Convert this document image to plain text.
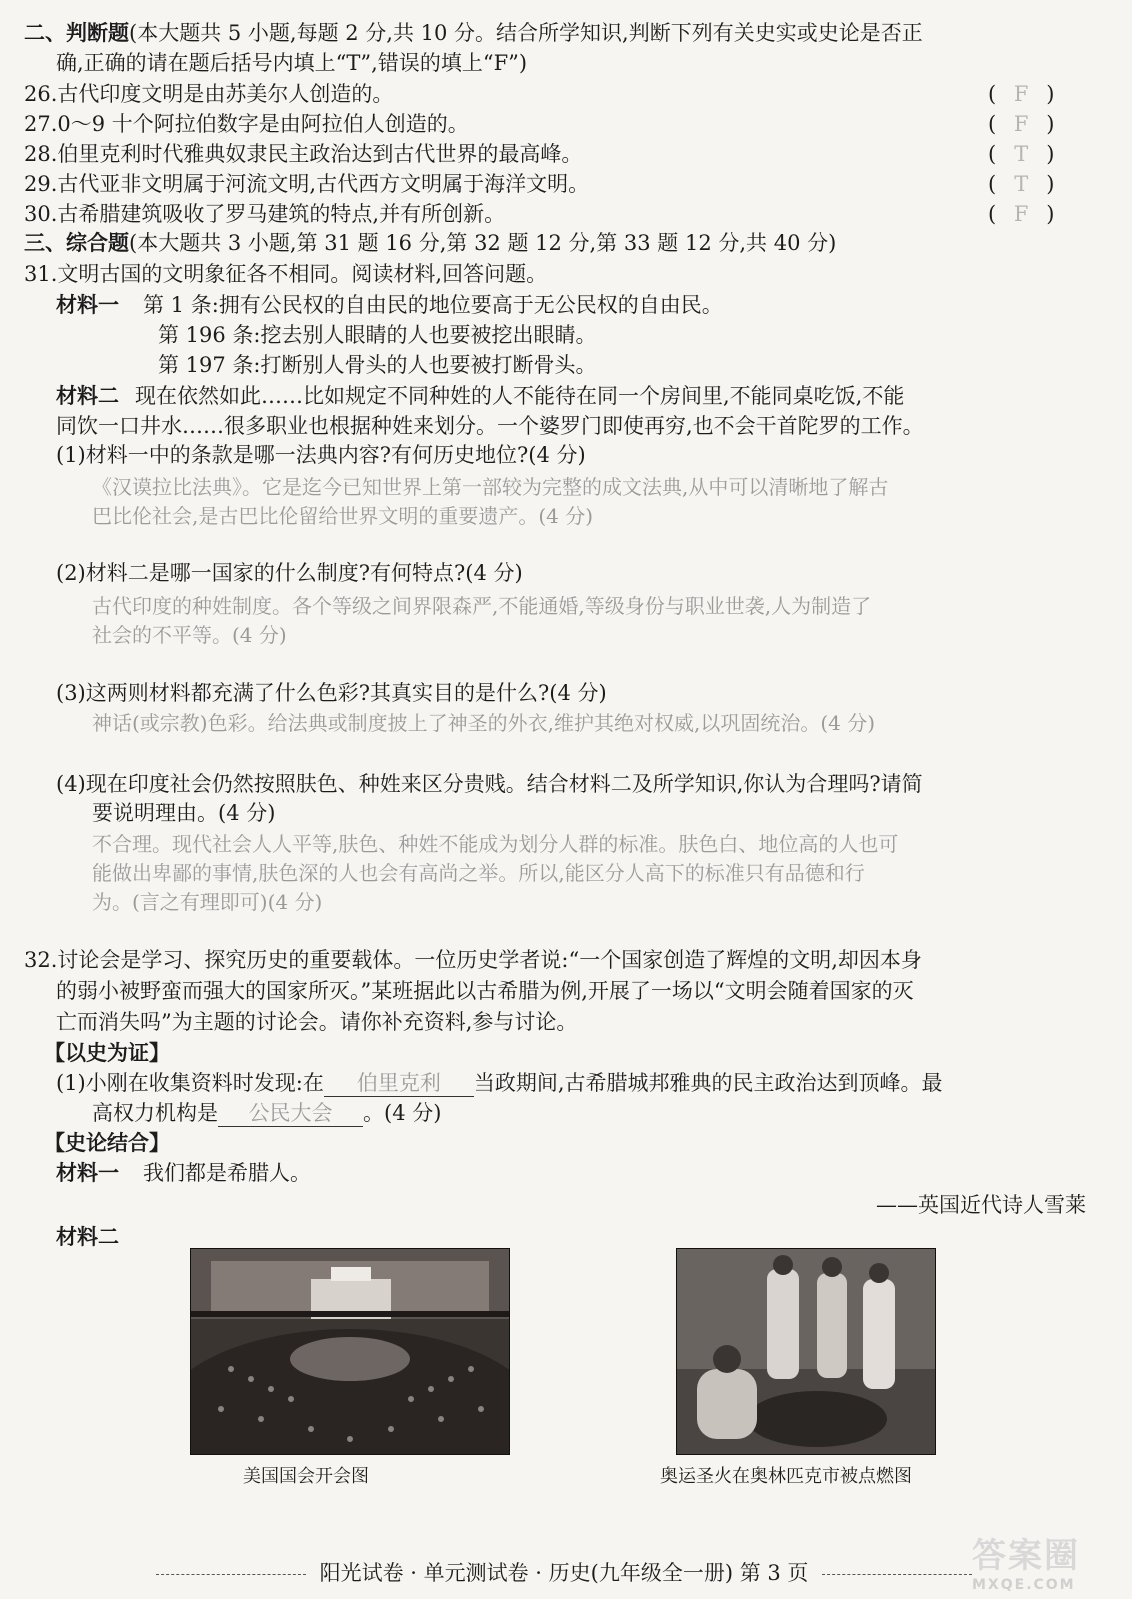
二、判断题(本大题共 5 小题,每题 2 分,共 10 分。结合所学知识,判断下列有关史实或史论是否正
确,正确的请在题后括号内填上“T”,错误的填上“F”)
26.古代印度文明是由苏美尔人创造的。	( F )
27.0～9 十个阿拉伯数字是由阿拉伯人创造的。	( F )
28.伯里克利时代雅典奴隶民主政治达到古代世界的最高峰。	( T )
29.古代亚非文明属于河流文明,古代西方文明属于海洋文明。	( T )
30.古希腊建筑吸收了罗马建筑的特点,并有所创新。	( F )
三、综合题(本大题共 3 小题,第 31 题 16 分,第 32 题 12 分,第 33 题 12 分,共 40 分)
31.文明古国的文明象征各不相同。阅读材料,回答问题。
材料一 第 1 条:拥有公民权的自由民的地位要高于无公民权的自由民。
第 196 条:挖去别人眼睛的人也要被挖出眼睛。
第 197 条:打断别人骨头的人也要被打断骨头。
材料二 现在依然如此……比如规定不同种姓的人不能待在同一个房间里,不能同桌吃饭,不能
同饮一口井水……很多职业也根据种姓来划分。一个婆罗门即使再穷,也不会干首陀罗的工作。
(1)材料一中的条款是哪一法典内容?有何历史地位?(4 分)
《汉谟拉比法典》。它是迄今已知世界上第一部较为完整的成文法典,从中可以清晰地了解古
巴比伦社会,是古巴比伦留给世界文明的重要遗产。(4 分)
(2)材料二是哪一国家的什么制度?有何特点?(4 分)
古代印度的种姓制度。各个等级之间界限森严,不能通婚,等级身份与职业世袭,人为制造了
社会的不平等。(4 分)
(3)这两则材料都充满了什么色彩?其真实目的是什么?(4 分)
神话(或宗教)色彩。给法典或制度披上了神圣的外衣,维护其绝对权威,以巩固统治。(4 分)
(4)现在印度社会仍然按照肤色、种姓来区分贵贱。结合材料二及所学知识,你认为合理吗?请简
要说明理由。(4 分)
不合理。现代社会人人平等,肤色、种姓不能成为划分人群的标准。肤色白、地位高的人也可
能做出卑鄙的事情,肤色深的人也会有高尚之举。所以,能区分人高下的标准只有品德和行
为。(言之有理即可)(4 分)
32.讨论会是学习、探究历史的重要载体。一位历史学者说:“一个国家创造了辉煌的文明,却因本身
的弱小被野蛮而强大的国家所灭。”某班据此以古希腊为例,开展了一场以“文明会随着国家的灭
亡而消失吗”为主题的讨论会。请你补充资料,参与讨论。
【以史为证】
(1)小刚在收集资料时发现:在 伯里克利 当政期间,古希腊城邦雅典的民主政治达到顶峰。最
高权力机构是 公民大会 。(4 分)
【史论结合】
材料一 我们都是希腊人。
——英国近代诗人雪莱
材料二
美国国会开会图	奥运圣火在奥林匹克市被点燃图
阳光试卷 · 单元测试卷 · 历史(九年级全一册) 第 3 页	答案圈
MXQE.COM
